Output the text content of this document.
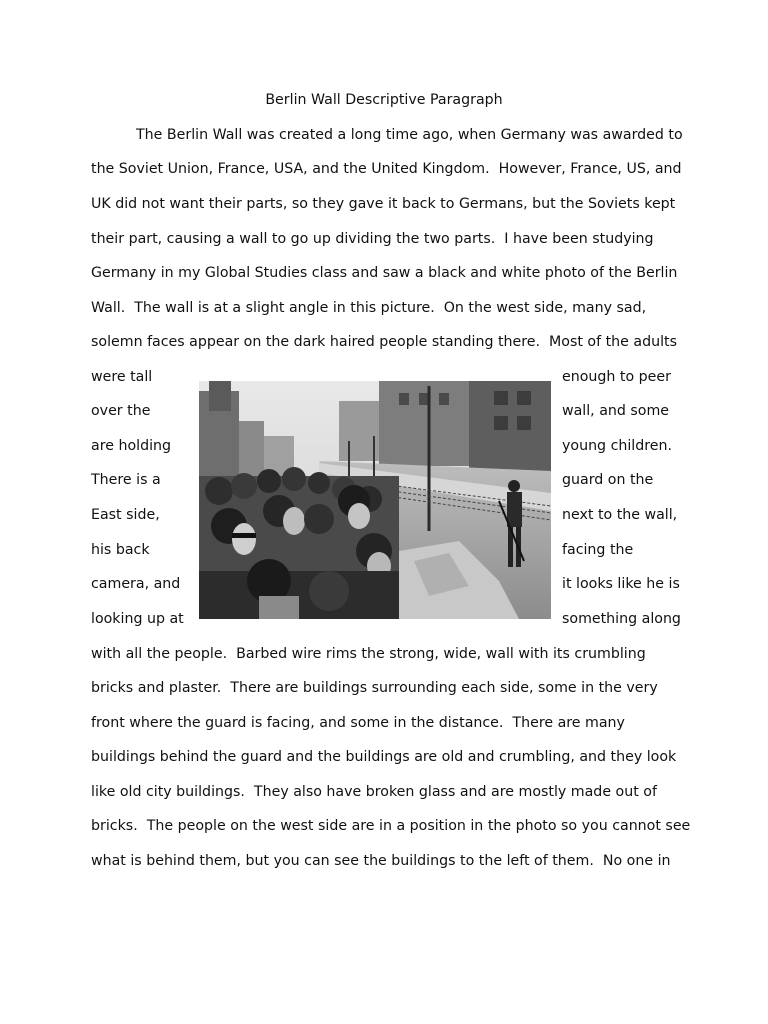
Berlin Wall Descriptive Paragraph
The Berlin Wall was created a long time ago, when Germany was awarded to
the Soviet Union, France, USA, and the United Kingdom.  However, France, US, and
UK did not want their parts, so they gave it back to Germans, but the Soviets kept
their part, causing a wall to go up dividing the two parts.  I have been studying
Germany in my Global Studies class and saw a black and white photo of the Berlin
Wall.  The wall is at a slight angle in this picture.  On the west side, many sad,
solemn faces appear on the dark haired people standing there.  Most of the adults
were tall	enough to peer
over the	wall, and some
are holding	young children.
There is a	guard on the
East side,	next to the wall,
his back	facing the
camera, and	it looks like he is
looking up at	something along
with all the people.  Barbed wire rims the strong, wide, wall with its crumbling
bricks and plaster.  There are buildings surrounding each side, some in the very
front where the guard is facing, and some in the distance.  There are many
buildings behind the guard and the buildings are old and crumbling, and they look
like old city buildings.  They also have broken glass and are mostly made out of
bricks.  The people on the west side are in a position in the photo so you cannot see
what is behind them, but you can see the buildings to the left of them.  No one in
